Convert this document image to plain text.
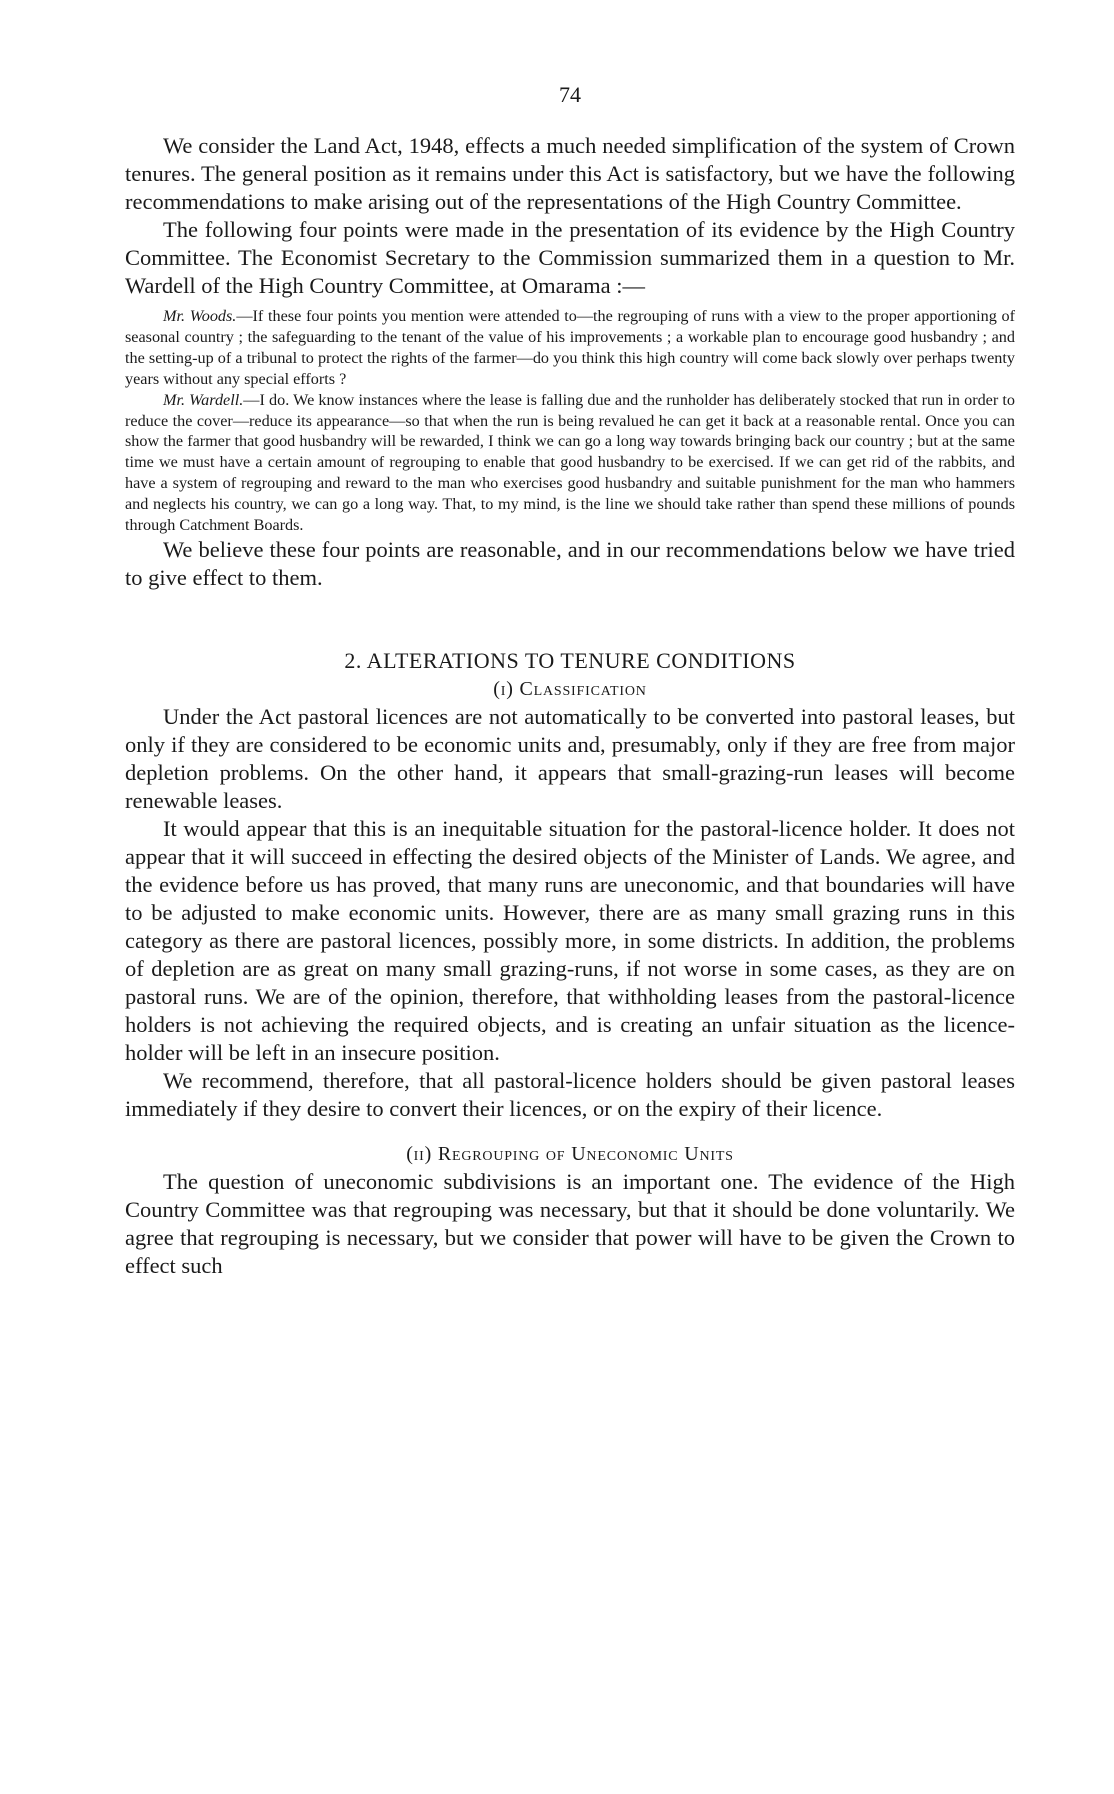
74

We consider the Land Act, 1948, effects a much needed simplification of the system of Crown tenures. The general position as it remains under this Act is satisfactory, but we have the following recommendations to make arising out of the representations of the High Country Committee.

The following four points were made in the presentation of its evidence by the High Country Committee. The Economist Secretary to the Commission summarized them in a question to Mr. Wardell of the High Country Committee, at Omarama :—

Mr. Woods.—If these four points you mention were attended to—the regrouping of runs with a view to the proper apportioning of seasonal country ; the safeguarding to the tenant of the value of his improvements ; a workable plan to encourage good husbandry ; and the setting-up of a tribunal to protect the rights of the farmer—do you think this high country will come back slowly over perhaps twenty years without any special efforts ?

Mr. Wardell.—I do. We know instances where the lease is falling due and the runholder has deliberately stocked that run in order to reduce the cover—reduce its appearance—so that when the run is being revalued he can get it back at a reasonable rental. Once you can show the farmer that good husbandry will be rewarded, I think we can go a long way towards bringing back our country ; but at the same time we must have a certain amount of regrouping to enable that good husbandry to be exercised. If we can get rid of the rabbits, and have a system of regrouping and reward to the man who exercises good husbandry and suitable punishment for the man who hammers and neglects his country, we can go a long way. That, to my mind, is the line we should take rather than spend these millions of pounds through Catchment Boards.

We believe these four points are reasonable, and in our recommendations below we have tried to give effect to them.

2. ALTERATIONS TO TENURE CONDITIONS
(i) Classification

Under the Act pastoral licences are not automatically to be converted into pastoral leases, but only if they are considered to be economic units and, presumably, only if they are free from major depletion problems. On the other hand, it appears that small-grazing-run leases will become renewable leases.

It would appear that this is an inequitable situation for the pastoral-licence holder. It does not appear that it will succeed in effecting the desired objects of the Minister of Lands. We agree, and the evidence before us has proved, that many runs are uneconomic, and that boundaries will have to be adjusted to make economic units. However, there are as many small grazing runs in this category as there are pastoral licences, possibly more, in some districts. In addition, the problems of depletion are as great on many small grazing-runs, if not worse in some cases, as they are on pastoral runs. We are of the opinion, therefore, that withholding leases from the pastoral-licence holders is not achieving the required objects, and is creating an unfair situation as the licence-holder will be left in an insecure position.

We recommend, therefore, that all pastoral-licence holders should be given pastoral leases immediately if they desire to convert their licences, or on the expiry of their licence.

(ii) Regrouping of Uneconomic Units

The question of uneconomic subdivisions is an important one. The evidence of the High Country Committee was that regrouping was necessary, but that it should be done voluntarily. We agree that regrouping is necessary, but we consider that power will have to be given the Crown to effect such
